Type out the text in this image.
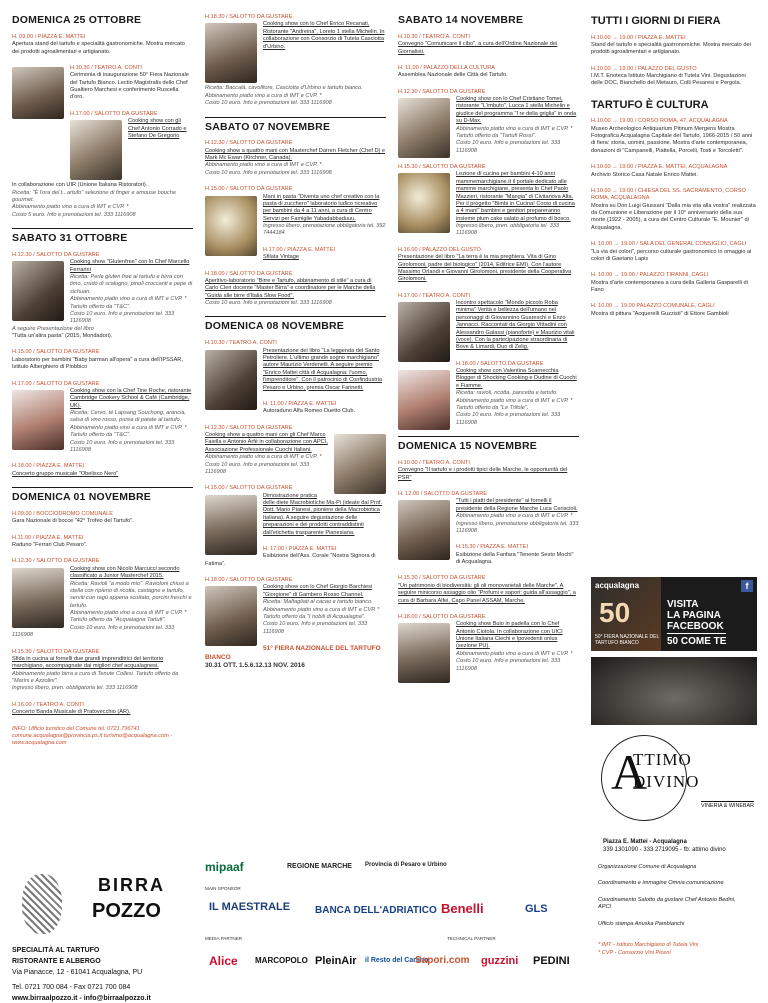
DOMENICA 25 OTTOBRE
H. 09.00 / PIAZZA E. MATTEI
Apertura stand del tartufo e specialità gastronomiche. Mostra mercato dei prodotti agroalimentari e artigianato.
H.10.30 / TEATRO A. CONTI
Cerimonia di inaugurazione 50° Fiera Nazionale del Tartufo Bianco. Lectio Magistralis dello Chef Gualtiero Marchesi e conferimento Ruscella d'oro.
H.17.00 / SALOTTO DA GUSTARE
Cooking show con gli Chef Antonio Corrado e Stefano De Gregorio
In collaborazione con UIR (Unione Italiana Ristoratori).
Ricetta: "È l'ora del t...artufo" selezione di finger e amouse bouche gourmet.
Abbinamento piatto vino a cura di IMT e CVP. *
Costo 5 euro. Info e prenotazioni tel. 333 1116908
SABATO 31 OTTOBRE
H.12.30 / SALOTTO DA GUSTARE
Cooking show "Glutenfree" con lo Chef Marcello Ferrarini
Ricetta: Perle gluten free al tartufo e birra con timo, crudo di scalogno, pinoli croccanti e pepe di sichuan.
Abbinamento piatto vino a cura di IMT e CVP. * Tartufo offerto da "T&C".
Costo 10 euro. Info e prenotazioni tel. 333 1116908
A seguire Presentazione del libro
"Tutta un'altra pasta" (2015, Mondadori).
H.15.00 / SALOTTO DA GUSTARE
Laboratorio per bambini "Baby barman all'opera" a cura dell'IPSSAR, Istituto Alberghiero di Piobbico
H.17.00 / SALOTTO DA GUSTARE
Cooking show con la Chef Tine Roche, ristorante Cambridge Cookery School & Café (Cambridge, UK).
Ricetta: Cervo, té Lapsang Souchong, arancia, salsa di vino rosso, purea di patate al tartufo.
Abbinamento piatto vino a cura di IMT e CVP. * Tartufo offerto da "T&C".
Costo 10 euro. Info e prenotazioni tel. 333 1116908
H.18.00 / PIAZZA E. MATTEI
Concerto gruppo musicale "Obelisco Nero"
DOMENICA 01 NOVEMBRE
H.09.00 / BOCCIODROMO COMUNALE
Gara Nazionale di bocce "42° Trofeo del Tartufo".
H.11.00 / PIAZZA E. MATTEI
Raduno "Ferrari Club Pesaro".
H.12.30 / SALOTTO DA GUSTARE
Cooking show con Nicolò Marcucci secondo classificato a Junior Masterchef 2015.
Ricetta: Ravioli "a modo mio". Ravioloni chiusi a stella con ripieno di ricotta, castagne e tartufo, serviti con ragù appena scottato, porcini freschi e tartufo.
Abbinamento piatto vino a cura di IMT e CVP. * Tartufo offerto da "Acqualagna Tartufi".
Costo 10 euro. Info e prenotazioni tel. 333 1116908
H.15.30 / SALOTTO DA GUSTARE
Sfida in cucina ai fornelli due grandi imprenditrici del territorio marchigiano, accompagnate dai migliori chef acqualagnesi.
Abbinamento piatto birra a cura di Tenute Collesi. Tartufo offerto da "Marini e Azzolini".
Ingresso libero, pren. obbligatoria tel. 333 1116908
H.16.00 / TEATRO A. CONTI
Concerto Banda Musicale di Pratovecchio (AR).
INFO: Ufficio turistico del Comune tel. 0721.796741 comune.acqualagna@provincia.ps.it turismo@acqualagna.com - www.acqualagna.com
H.18.30 / SALOTTO DA GUSTARE
Cooking show con lo Chef Errico Recanati, Ristorante "Andreina", Loreto 1 stella Michelin. In collaborazione con Consorzio di Tutela Casciotta d'Urbino.
Ricetta: Baccalà, cavolfiore, Casciotta d'Urbino e tartufo bianco.
Abbinamento piatto vino a cura di IMT e CVP. *
Costo 10 euro. Info e prenotazioni tel. 333 1116908
SABATO 07 NOVEMBRE
H.12.30 / SALOTTO DA GUSTARE
Cooking show a quattro mani con Masterchef Darren Fletcher (Chef D) e Mark Mc Ewan (Kirchner, Canada).
Abbinamento piatto vino a cura di IMT e CVP. *
Costo 10 euro. Info e prenotazioni tel. 333 1116908
H.15.00 / SALOTTO DA GUSTARE
Mani in pasta "Diventa uno chef creativo con la pasta di zucchero" laboratorio ludico ricreativo per bambini da 4 a 11 anni, a cura di Centro Servizi per Famiglie Yabadabbaduuu.
Ingresso libero, prenotazione obbligatoria tel. 392 7444184
H.17.00 / PIAZZA E. MATTEI
Sfilata Vintage
H.18.00 / SALOTTO DA GUSTARE
Aperitivo-laboratorio "Birre e Tartufo, abbinamento di stile" a cura di Carlo Cleri docente "Master Birra" e coordinatore per le Marche della "Guida alle birre d'Italia Slow Food".
Costo 10 euro. Info e prenotazioni tel. 333 1116908
DOMENICA 08 NOVEMBRE
H.10.30 / TEATRO A. CONTI
Presentazione del libro "La leggenda del Santo Petroliere. L'ultimo grande sogno marchigiano" autore Maurizio Verdenelli. A seguire premio "Enrico Mattei città di Acqualagna: l'uomo, l'imprenditore". Con il patrocinio di Confindustria Pesaro e Urbino, premia Oscar Farinetti.
H. 11.00 / PIAZZA E. MATTEI
Autoraduno Alfa Romeo Duetto Club.
H.12.30 / SALOTTO DA GUSTARE
Cooking show a quattro mani con gli Chef Marco Faiella e Antonio Arfè in collaborazione con APCI, Associazione Professionale Cuochi Italiani.
Abbinamento piatto vino a cura di IMT e CVP. *
Costo 10 euro. Info e prenotazioni tel. 333 1116908
H.15.00 / SALOTTO DA GUSTARE
Dimostrazione pratica delle diete Macrobiotiche Ma-Pi (ideate dal Prof. Dott. Mario Pianesi, pioniere della Macrobiotica Italiana). A seguire degustazione delle preparazioni e dei prodotti contraddistinti dall'etichetta trasparente Pianesiana.
H. 17.00 / PIAZZA E. MATTEI
Esibizione dell'Ass. Corale "Nostra Signora di Fatima".
H.18.00 / SALOTTO DA GUSTARE
Cooking show con lo Chef Giorgio Barchiesi "Giorgione" di Gambero Rosso Channel.
Ricetta: Maltagliati al cacao e tartufo bianco.
Abbinamento piatto vino a cura di IMT e CVP. * Tartufo offerto da "I nobili di Acqualagna".
Costo 10 euro. Info e prenotazioni tel. 333 1116908
51° FIERA NAZIONALE DEL TARTUFO BIANCO
30.31 OTT. 1.5.6.12.13 NOV. 2016
SABATO 14 NOVEMBRE
H.10.30 / TEATRO A. CONTI
Convegno "Comunicare il cibo", a cura dell'Ordine Nazionale dei Giornalisti.
H. 11.00 / PALAZZO DELLA CULTURA
Assemblea Nazionale delle Città del Tartufo.
H.12.30 / SALOTTO DA GUSTARE
Cooking show con lo Chef Cristiano Tomei, ristorante "L'imbuto", Lucca 1 stella Michelin e giudice del programma "I re della griglia" in onda su D-Max.
Abbinamento piatto vino a cura di IMT e CVP. * Tartufo offerto da "Tartufi Rossi".
Costo 10 euro. Info e prenotazioni tel. 333 1116908
H.15.30 / SALOTTO DA GUSTARE
Lezione di cucina per bambini 4-10 anni mammemarchigiane.it il portale dedicato alle mamme marchigiane, presenta lo Chef Paolo Mazzieri, ristorante "Mangia" di Civitanova Alta. Per il progetto "Bimbi in Cucina! Corso di cucina a 4 mani" bambini e genitori prepareranno insieme plum cake salato al profumo di bosco.
Ingresso libero, pren. obbligatoria tel. 333 1116908
H.16.00 / PALAZZO DEL GUSTO
Presentazione del libro "La terra è la mia preghiera. Vita di Gino Girolomoni, padre del biologico" (2014, Editrice EMI). Con l'autore Massimo Orlandi e Giovanni Girolomoni, presidente della Cooperativa Girolomoni.
H.17.00 / TEATRO A. CONTI
Incontro spettacolo "Mondo piccolo Roba minima" Verità e bellezza dell'umano nei personaggi di Giovannino Guareschi e Enzo Jannacci. Raccontati da Giorgio Vittadini con Alessandro Galassi (pianoforte) e Maurizio vitali (voce). Con la partecipazione straordinaria di Bove & Limardi, Duo di Zelig.
H.18.00 / SALOTTO DA GUSTARE
Cooking show con Valentina Scarnecchia Blogger di Shocking Cooking e Dudine di Cuochi e Fiamme.
Ricetta: ravioli, ricotta, pancetta e tartufo.
Abbinamento piatto vino a cura di IMT e CVP. * Tartufo offerto da "Le Trifole".
Costo 10 euro. Info e prenotazioni tel. 333 1116908
DOMENICA 15 NOVEMBRE
H.10.00 / TEATRO A. CONTI
Convegno "Il tartufo e i prodotti tipici delle Marche, le opportunità del PSR"
H. 12.00 / SALOTTO DA GUSTARE
"Tutti i piatti del presidente" ai fornelli il presidente della Regione Marche Luca Ceriscioli.
Abbinamento piatto vino a cura di IMT e CVP. *
Ingresso libero, prenotazione obbligatoria tel. 333 1116908
H.15.30 / PIAZZA E. MATTEI
Esibizione della Fanfara "Tenente Sesto Mochi" di Acqualagna.
H.15.30 / SALOTTO DA GUSTARE
"Un patrimonio di biodiversità: gli oli monovarietali delle Marche". A seguire minicorso assaggio olio "Profumi e sapori: guida all'assaggio", a cura di Barbara Alfei, Capo Panel ASSAM, Marche.
H.18.00 / SALOTTO DA GUSTARE
Cooking show Buio in padella con lo Chef Antonio Ciotola. In collaborazione con UICI Unione Italiana Ciechi e Ipovedenti onlus (sezione PU).
Abbinamento piatto vino a cura di IMT e CVP. *
Costo 10 euro. Info e prenotazioni tel. 333 1116908
TUTTI I GIORNI DI FIERA
H.10.00 → 19.00 / PIAZZA E. MATTEI
Stand del tartufo e specialità gastronomiche. Mostra mercato dei prodotti agroalimentari e artigianato.
H.10.00 → 19.00 / PALAZZO DEL GUSTO
I.M.T. Enoteca Istituto Marchigiano di Tutela Vini. Degustazioni delle DOC, Bianchello del Metauro, Colli Pesaresi e Pergola.
TARTUFO È CULTURA
H.10.00 → 19.00 / CORSO ROMA, 47, ACQUALAGNA
Museo Archeologico Antiquarium Pitinum Mergens Mostra Fotografica Acqualagna Capitale del Tartufo, 1966-2015 / 50 anni di fiera: storia, uomini, passione. Mostra d'arte contemporanea, donazioni di "Campanelli, Piattella, Porcelli, Tosti e Torcoletti".
H.10.00 → 19.00 / PIAZZA E. MATTEI, ACQUALAGNA
Archivio Storico Casa Natale Enrico Mattei.
H.10.00 → 19.00 / CHIESA DEL SS. SACRAMENTO, CORSO ROMA, ACQUALAGNA
Mostra su Don Luigi Giussani "Dalla mia vita alla vostra" realizzata da Comunione e Liberazione per il 10° anniversario della sua morte (1922 - 2005), a cura del Centro Culturale "E. Mounier" di Acqualagna.
H. 10.00 → 19.00 / SALA DEL GENERAL CONSIGLIO, CAGLI
"La via dei colori", percorso culturale gastronomico in omaggio ai colori di Gaetano Lapis
H. 10.00 → 19.00 / PALAZZO TIRANNI, CAGLI
Mostra d'arte contemporanea a cura della Galleria Gasparelli di Fano
H. 10.00 → 19.00 PALAZZO COMUNALE, CAGLI
Mostra di pittura "Acquerelli Guzzisti" di Ettore Gambioli
acqualagna
50
50° FIERA NAZIONALE DEL TARTUFO BIANCO
f
VISITA
LA PAGINA
FACEBOOK
50 COME TE
A
TTIMO
DIVINO
VINERIA & WINEBAR
Piazza E. Mattei - Acqualagna
339 1301090 - 333 2719095 - fb: attimo divino

Organizzazione Comune di Acqualagna

Coordinamento e immagine Omnia comunicazione

Coordinamento Salotto da gustare Chef Antonio Bedini, APCI

Ufficio stampa Anuska Pambianchi

* IMT - Istituto Marchigiano di Tutela Vini
* CVP - Consorzio Vini Piceni
BIRRA
POZZO
SPECIALITÀ AL TARTUFO
RISTORANTE E ALBERGO
Via Pianacce, 12 - 61041 Acqualagna, PU
Tel. 0721 700 084 - Fax 0721 700 084
www.birraalpozzo.it - info@birraalpozzo.it
mipaaf	REGIONE MARCHE Provincia di Pesaro e Urbino
MAIN SPONSOR
IL MAESTRALE BANCA DELL'ADRIATICO Benelli	GLS
MEDIA PARTNER	TECHNICAL PARTNER
Alice MARCOPOLO PleinAir il Resto del Carlino
Sapori.com guzzini PEDINI
